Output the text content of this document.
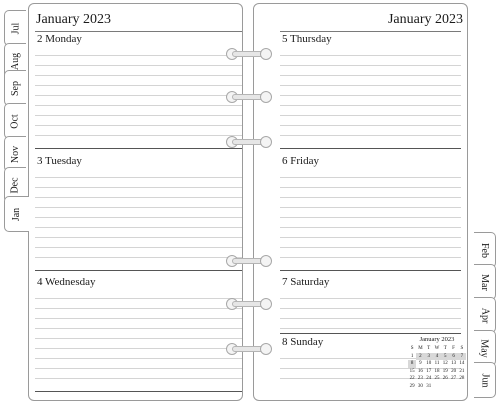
Jul
Aug
Sep
Oct
Nov
Dec
Jan
Feb
Mar
Apr
May
Jun
January 2023
2 Monday
3 Tuesday
4 Wednesday
January 2023
5 Thursday
6 Friday
7 Saturday
8 Sunday	January 2023
S M T W T	F	S
1	2	3	4	5	6	7
8	9 10 11 12 13 14
15 16 17 18 19 20 21
22 23 24 25 26 27 28
29 30 31
